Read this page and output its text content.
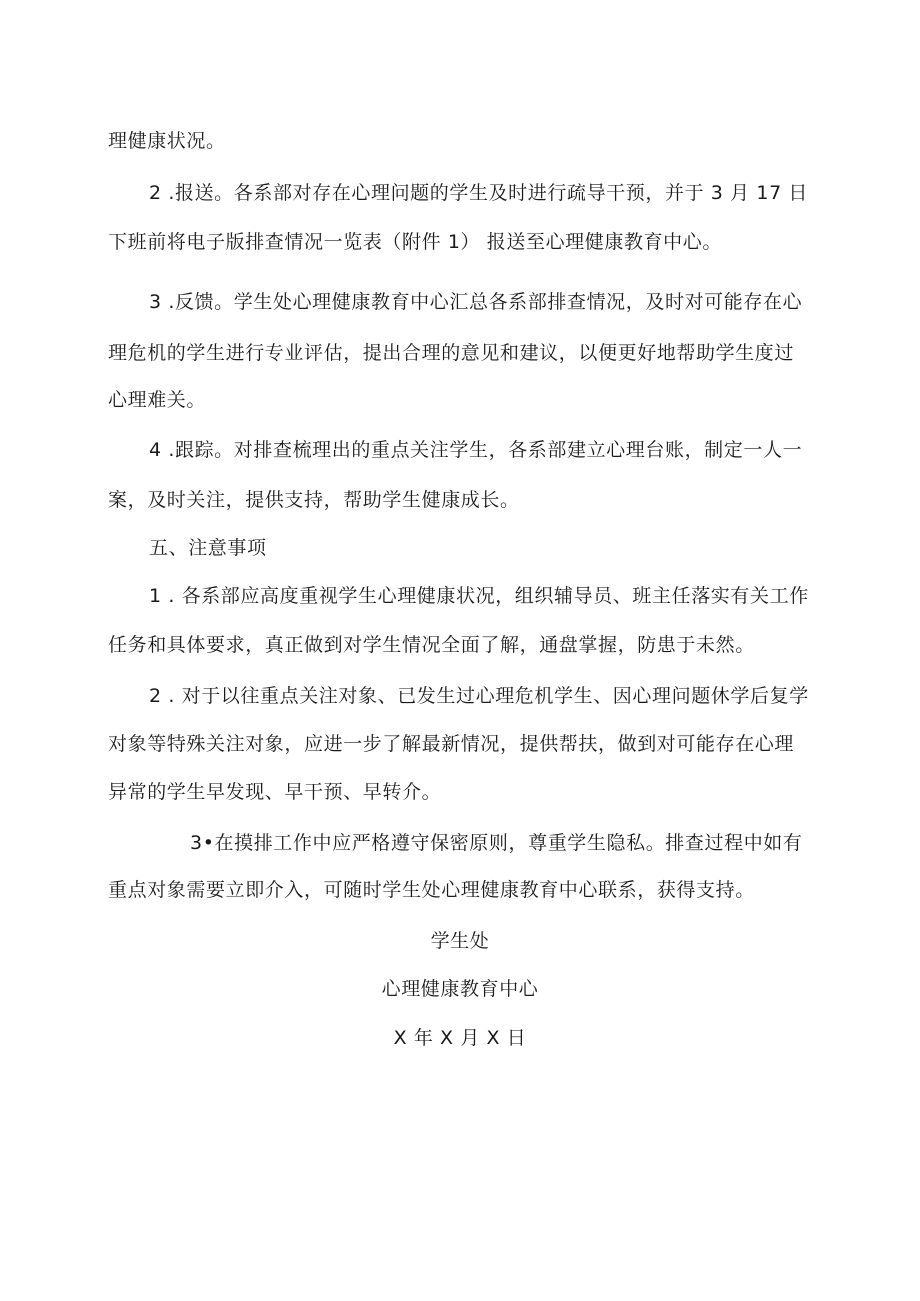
理健康状况。
2 .报送。各系部对存在心理问题的学生及时进行疏导干预，并于 3 月 17 日
下班前将电子版排查情况一览表（附件 1） 报送至心理健康教育中心。
3 .反馈。学生处心理健康教育中心汇总各系部排查情况，及时对可能存在心
理危机的学生进行专业评估，提出合理的意见和建议，以便更好地帮助学生度过
心理难关。
4 .跟踪。对排查梳理出的重点关注学生，各系部建立心理台账，制定一人一
案，及时关注，提供支持，帮助学生健康成长。
五、注意事项
1 . 各系部应高度重视学生心理健康状况，组织辅导员、班主任落实有关工作
任务和具体要求，真正做到对学生情况全面了解，通盘掌握，防患于未然。
2 . 对于以往重点关注对象、已发生过心理危机学生、因心理问题休学后复学
对象等特殊关注对象，应进一步了解最新情况，提供帮扶，做到对可能存在心理
异常的学生早发现、早干预、早转介。
3•在摸排工作中应严格遵守保密原则，尊重学生隐私。排查过程中如有
重点对象需要立即介入，可随时学生处心理健康教育中心联系，获得支持。
学生处
心理健康教育中心
X 年 X 月 X 日
